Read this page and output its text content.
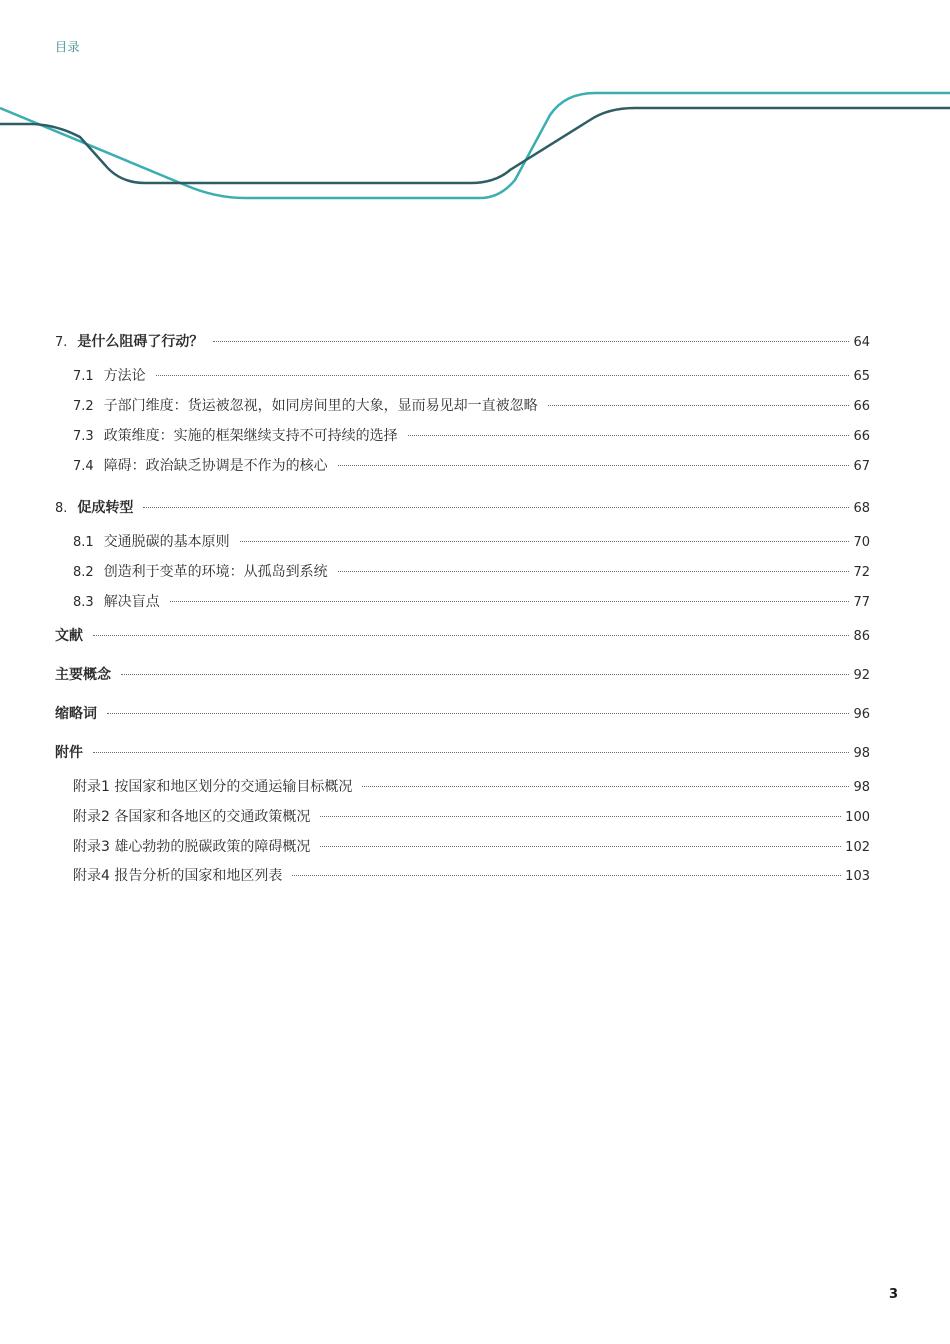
目录
7. 是什么阻碍了行动？	64
7.1 方法论	65
7.2 子部门维度：货运被忽视，如同房间里的大象，显而易见却一直被忽略	66
7.3 政策维度：实施的框架继续支持不可持续的选择	66
7.4 障碍：政治缺乏协调是不作为的核心	67
8. 促成转型	68
8.1 交通脱碳的基本原则	70
8.2 创造利于变革的环境：从孤岛到系统	72
8.3 解决盲点	77
文献	86
主要概念	92
缩略词	96
附件	98
附录1 按国家和地区划分的交通运输目标概况	98
附录2 各国家和各地区的交通政策概况	100
附录3 雄心勃勃的脱碳政策的障碍概况	102
附录4 报告分析的国家和地区列表	103
3
